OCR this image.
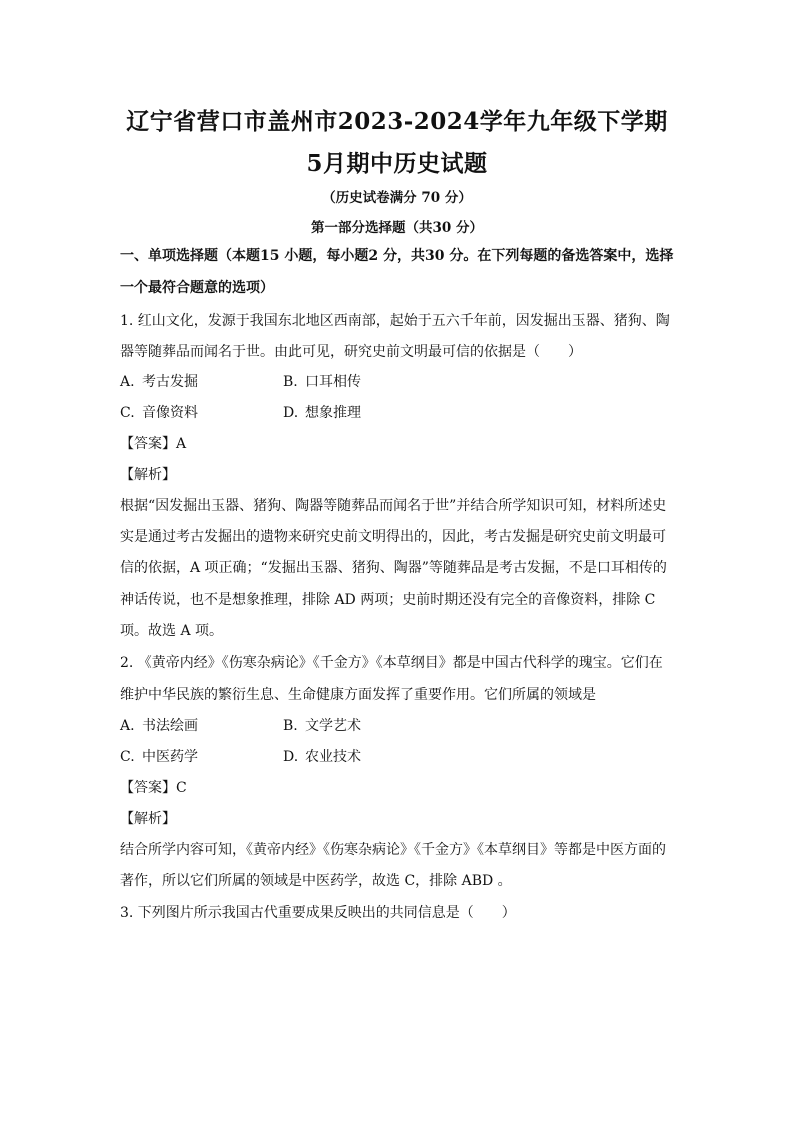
辽宁省营口市盖州市2023-2024学年九年级下学期
5月期中历史试题
（历史试卷满分 70 分）
第一部分选择题（共30 分）
一、单项选择题（本题15 小题，每小题2 分，共30 分。在下列每题的备选答案中，选择
一个最符合题意的选项）
1. 红山文化，发源于我国东北地区西南部，起始于五六千年前，因发掘出玉器、猪狗、陶
器等随葬品而闻名于世。由此可见，研究史前文明最可信的依据是（　　）
A. 考古发掘	B. 口耳相传
C. 音像资料	D. 想象推理
【答案】A
【解析】
根据“因发掘出玉器、猪狗、陶器等随葬品而闻名于世”并结合所学知识可知，材料所述史
实是通过考古发掘出的遗物来研究史前文明得出的，因此，考古发掘是研究史前文明最可
信的依据，A 项正确；“发掘出玉器、猪狗、陶器”等随葬品是考古发掘，不是口耳相传的
神话传说，也不是想象推理，排除 AD 两项；史前时期还没有完全的音像资料，排除 C
项。故选 A 项。
2. 《黄帝内经》《伤寒杂病论》《千金方》《本草纲目》都是中国古代科学的瑰宝。它们在
维护中华民族的繁衍生息、生命健康方面发挥了重要作用。它们所属的领域是
A. 书法绘画	B. 文学艺术
C. 中医药学	D. 农业技术
【答案】C
【解析】
结合所学内容可知，《黄帝内经》《伤寒杂病论》《千金方》《本草纲目》等都是中医方面的
著作，所以它们所属的领域是中医药学，故选 C，排除 ABD 。
3. 下列图片所示我国古代重要成果反映出的共同信息是（　　）
